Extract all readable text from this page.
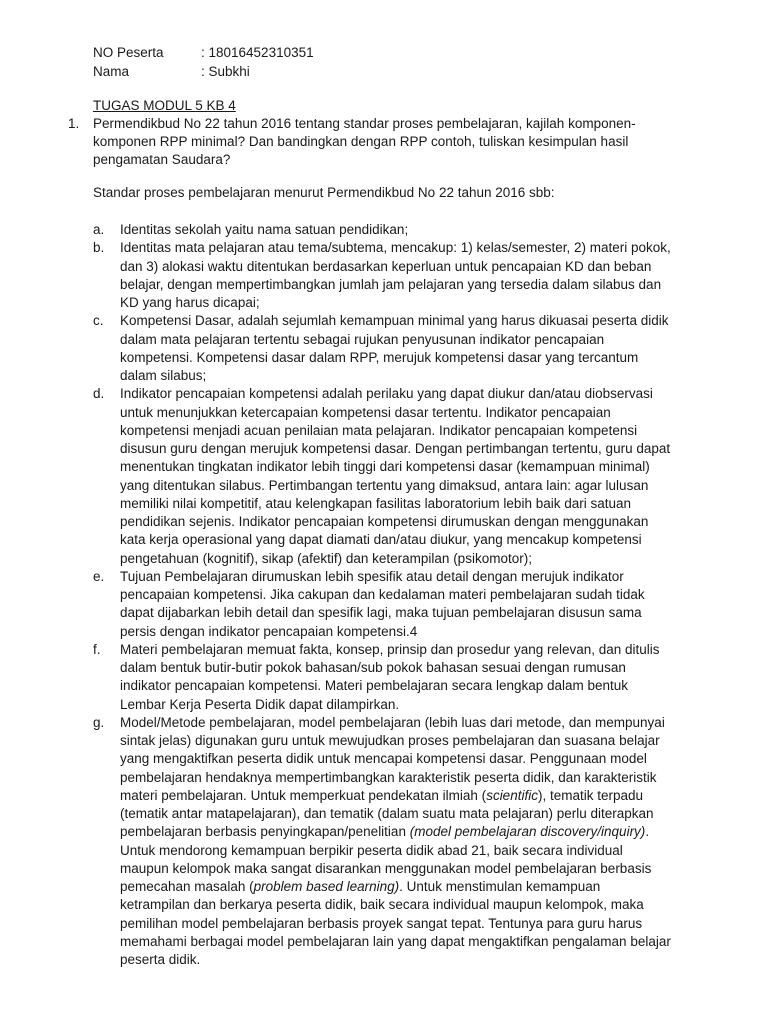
NO Peserta	: 18016452310351
Nama	: Subkhi
TUGAS MODUL 5 KB 4
1. Permendikbud No 22 tahun 2016 tentang standar proses pembelajaran, kajilah komponen-komponen RPP minimal? Dan bandingkan dengan RPP contoh, tuliskan kesimpulan hasil pengamatan Saudara?
Standar proses pembelajaran menurut Permendikbud No 22 tahun 2016 sbb:
a.	Identitas sekolah yaitu nama satuan pendidikan;
b.	Identitas mata pelajaran atau tema/subtema, mencakup: 1) kelas/semester, 2) materi pokok, dan 3) alokasi waktu ditentukan berdasarkan keperluan untuk pencapaian KD dan beban belajar, dengan mempertimbangkan jumlah jam pelajaran yang tersedia dalam silabus dan KD yang harus dicapai;
c.	Kompetensi Dasar, adalah sejumlah kemampuan minimal yang harus dikuasai peserta didik dalam mata pelajaran tertentu sebagai rujukan penyusunan indikator pencapaian kompetensi. Kompetensi dasar dalam RPP, merujuk kompetensi dasar yang tercantum dalam silabus;
d.	Indikator pencapaian kompetensi adalah perilaku yang dapat diukur dan/atau diobservasi untuk menunjukkan ketercapaian kompetensi dasar tertentu. Indikator pencapaian kompetensi menjadi acuan penilaian mata pelajaran. Indikator pencapaian kompetensi disusun guru dengan merujuk kompetensi dasar. Dengan pertimbangan tertentu, guru dapat menentukan tingkatan indikator lebih tinggi dari kompetensi dasar (kemampuan minimal) yang ditentukan silabus. Pertimbangan tertentu yang dimaksud, antara lain: agar lulusan memiliki nilai kompetitif, atau kelengkapan fasilitas laboratorium lebih baik dari satuan pendidikan sejenis. Indikator pencapaian kompetensi dirumuskan dengan menggunakan kata kerja operasional yang dapat diamati dan/atau diukur, yang mencakup kompetensi pengetahuan (kognitif), sikap (afektif) dan keterampilan (psikomotor);
e.	Tujuan Pembelajaran dirumuskan lebih spesifik atau detail dengan merujuk indikator pencapaian kompetensi. Jika cakupan dan kedalaman materi pembelajaran sudah tidak dapat dijabarkan lebih detail dan spesifik lagi, maka tujuan pembelajaran disusun sama persis dengan indikator pencapaian kompetensi.4
f.	Materi pembelajaran memuat fakta, konsep, prinsip dan prosedur yang relevan, dan ditulis dalam bentuk butir-butir pokok bahasan/sub pokok bahasan sesuai dengan rumusan indikator pencapaian kompetensi. Materi pembelajaran secara lengkap dalam bentuk Lembar Kerja Peserta Didik dapat dilampirkan.
g.	Model/Metode pembelajaran, model pembelajaran (lebih luas dari metode, dan mempunyai sintak jelas) digunakan guru untuk mewujudkan proses pembelajaran dan suasana belajar yang mengaktifkan peserta didik untuk mencapai kompetensi dasar. Penggunaan model pembelajaran hendaknya mempertimbangkan karakteristik peserta didik, dan karakteristik materi pembelajaran. Untuk memperkuat pendekatan ilmiah (scientific), tematik terpadu (tematik antar matapelajaran), dan tematik (dalam suatu mata pelajaran) perlu diterapkan pembelajaran berbasis penyingkapan/penelitian (model pembelajaran discovery/inquiry). Untuk mendorong kemampuan berpikir peserta didik abad 21, baik secara individual maupun kelompok maka sangat disarankan menggunakan model pembelajaran berbasis pemecahan masalah (problem based learning). Untuk menstimulan kemampuan ketrampilan dan berkarya peserta didik, baik secara individual maupun kelompok, maka pemilihan model pembelajaran berbasis proyek sangat tepat. Tentunya para guru harus memahami berbagai model pembelajaran lain yang dapat mengaktifkan pengalaman belajar peserta didik.
